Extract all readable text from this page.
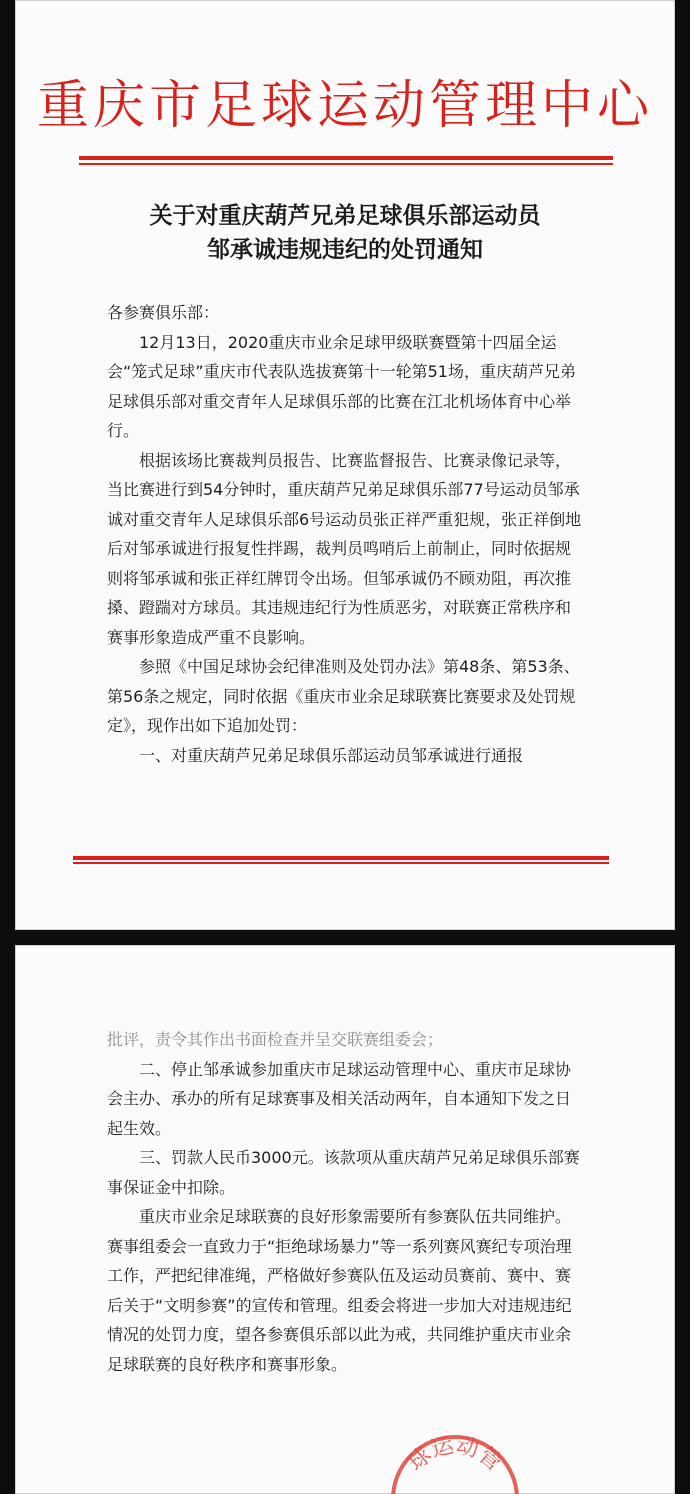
重庆市足球运动管理中心
关于对重庆葫芦兄弟足球俱乐部运动员
邹承诚违规违纪的处罚通知

各参赛俱乐部：

12月13日，2020重庆市业余足球甲级联赛暨第十四届全运会“笼式足球”重庆市代表队选拔赛第十一轮第51场，重庆葫芦兄弟足球俱乐部对重交青年人足球俱乐部的比赛在江北机场体育中心举行。

根据该场比赛裁判员报告、比赛监督报告、比赛录像记录等，当比赛进行到54分钟时，重庆葫芦兄弟足球俱乐部77号运动员邹承诚对重交青年人足球俱乐部6号运动员张正祥严重犯规，张正祥倒地后对邹承诚进行报复性拌踢，裁判员鸣哨后上前制止，同时依据规则将邹承诚和张正祥红牌罚令出场。但邹承诚仍不顾劝阻，再次推搡、蹬踹对方球员。其违规违纪行为性质恶劣，对联赛正常秩序和赛事形象造成严重不良影响。

参照《中国足球协会纪律准则及处罚办法》第48条、第53条、第56条之规定，同时依据《重庆市业余足球联赛比赛要求及处罚规定》，现作出如下追加处罚：

一、对重庆葫芦兄弟足球俱乐部运动员邹承诚进行通报

批评，责令其作出书面检查并呈交联赛组委会；

二、停止邹承诚参加重庆市足球运动管理中心、重庆市足球协会主办、承办的所有足球赛事及相关活动两年，自本通知下发之日起生效。

三、罚款人民币3000元。该款项从重庆葫芦兄弟足球俱乐部赛事保证金中扣除。

重庆市业余足球联赛的良好形象需要所有参赛队伍共同维护。赛事组委会一直致力于“拒绝球场暴力”等一系列赛风赛纪专项治理工作，严把纪律准绳，严格做好参赛队伍及运动员赛前、赛中、赛后关于“文明参赛”的宣传和管理。组委会将进一步加大对违规违纪情况的处罚力度，望各参赛俱乐部以此为戒，共同维护重庆市业余足球联赛的良好秩序和赛事形象。

球运动管
